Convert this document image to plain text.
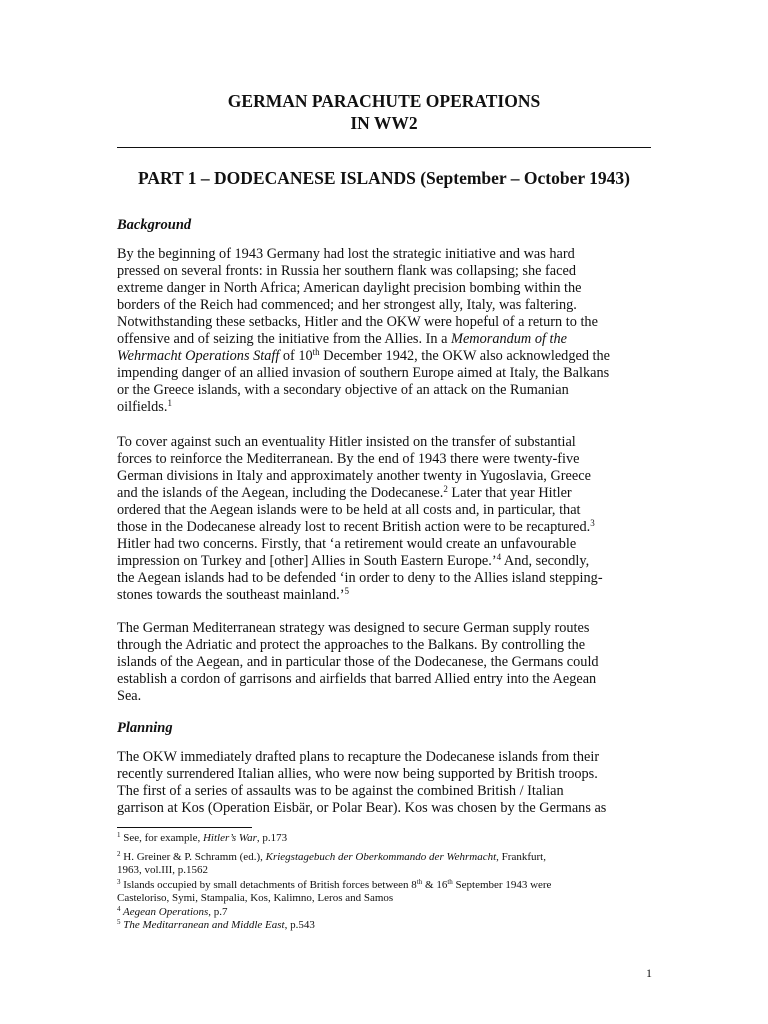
GERMAN PARACHUTE OPERATIONS
IN WW2
PART 1 – DODECANESE ISLANDS (September – October 1943)
Background
By the beginning of 1943 Germany had lost the strategic initiative and was hard
pressed on several fronts: in Russia her southern flank was collapsing; she faced
extreme danger in North Africa; American daylight precision bombing within the
borders of the Reich had commenced; and her strongest ally, Italy, was faltering.
Notwithstanding these setbacks, Hitler and the OKW were hopeful of a return to the
offensive and of seizing the initiative from the Allies. In a Memorandum of the
Wehrmacht Operations Staff of 10th December 1942, the OKW also acknowledged the
impending danger of an allied invasion of southern Europe aimed at Italy, the Balkans
or the Greece islands, with a secondary objective of an attack on the Rumanian
oilfields.$^1$
To cover against such an eventuality Hitler insisted on the transfer of substantial
forces to reinforce the Mediterranean. By the end of 1943 there were twenty-five
German divisions in Italy and approximately another twenty in Yugoslavia, Greece
and the islands of the Aegean, including the Dodecanese.$^2$ Later that year Hitler
ordered that the Aegean islands were to be held at all costs and, in particular, that
those in the Dodecanese already lost to recent British action were to be recaptured.$^3$
Hitler had two concerns. Firstly, that ‘a retirement would create an unfavourable
impression on Turkey and [other] Allies in South Eastern Europe.’$^4$ And, secondly,
the Aegean islands had to be defended ‘in order to deny to the Allies island stepping-
stones towards the southeast mainland.’$^5$
The German Mediterranean strategy was designed to secure German supply routes
through the Adriatic and protect the approaches to the Balkans. By controlling the
islands of the Aegean, and in particular those of the Dodecanese, the Germans could
establish a cordon of garrisons and airfields that barred Allied entry into the Aegean
Sea.
Planning
The OKW immediately drafted plans to recapture the Dodecanese islands from their
recently surrendered Italian allies, who were now being supported by British troops.
The first of a series of assaults was to be against the combined British / Italian
garrison at Kos (Operation Eisbär, or Polar Bear). Kos was chosen by the Germans as
$^1$ See, for example, Hitler’s War, p.173
$^2$ H. Greiner & P. Schramm (ed.), Kriegstagebuch der Oberkommando der Wehrmacht, Frankfurt,
1963, vol.III, p.1562
$^3$ Islands occupied by small detachments of British forces between 8th & 16th September 1943 were
Casteloriso, Symi, Stampalia, Kos, Kalimno, Leros and Samos
$^4$ Aegean Operations, p.7
$^5$ The Meditarranean and Middle East, p.543
1
